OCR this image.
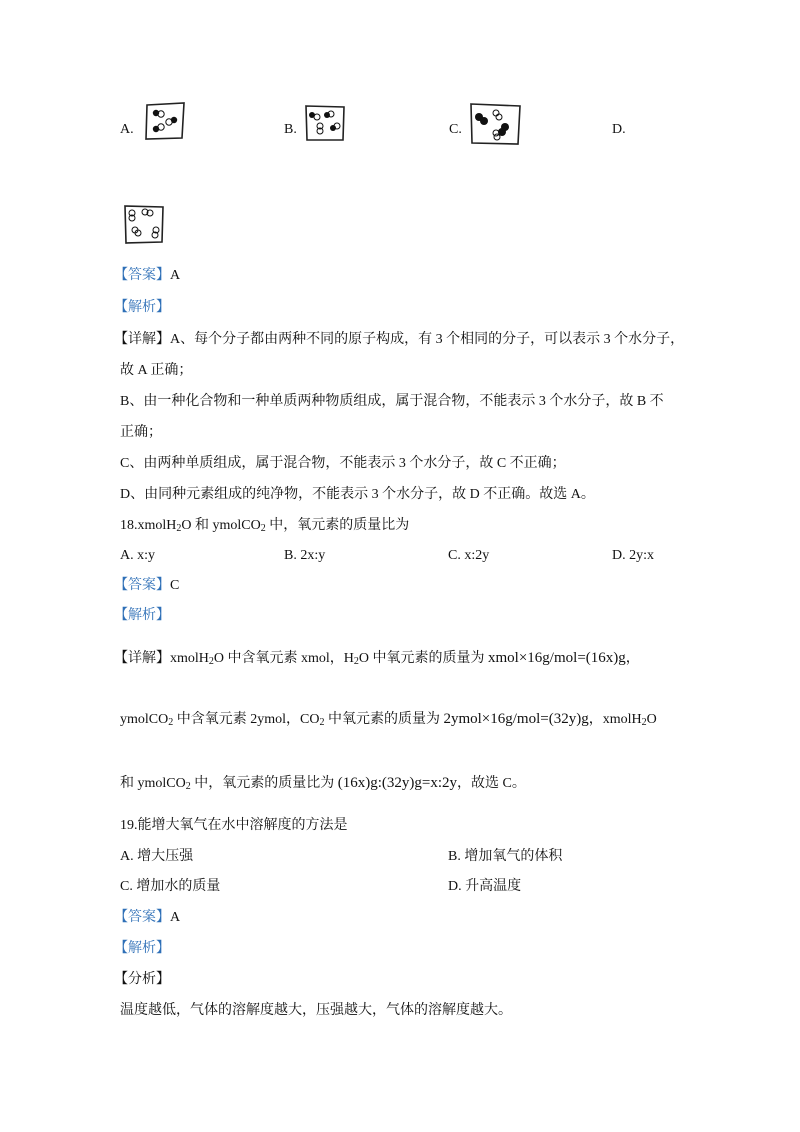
A.	B.	C.	D.
【答案】A
【解析】
【详解】A、每个分子都由两种不同的原子构成，有 3 个相同的分子，可以表示 3 个水分子，
故 A 正确；
B、由一种化合物和一种单质两种物质组成，属于混合物，不能表示 3 个水分子，故 B 不
正确；
C、由两种单质组成，属于混合物，不能表示 3 个水分子，故 C 不正确；
D、由同种元素组成的纯净物，不能表示 3 个水分子，故 D 不正确。故选 A。
18.xmolH$_2$O 和 ymolCO$_2$ 中，氧元素的质量比为
A. x:y	B. 2x:y	C. x:2y	D. 2y:x
【答案】C
【解析】
【详解】xmolH$_2$O 中含氧元素 xmol，$H_2O$ 中氧元素的质量为 xmol×16g/mol=(16x)g，
ymolCO$_2$ 中含氧元素 2ymol，$CO_2$ 中氧元素的质量为 2ymol×16g/mol=(32y)g，xmolH$_2$O
和 ymolCO$_2$ 中，氧元素的质量比为 (16x)g:(32y)g=x:2y，故选 C。
19.能增大氧气在水中溶解度的方法是
A. 增大压强	B. 增加氧气的体积
C. 增加水的质量	D. 升高温度
【答案】A
【解析】
【分析】
温度越低，气体的溶解度越大，压强越大，气体的溶解度越大。
